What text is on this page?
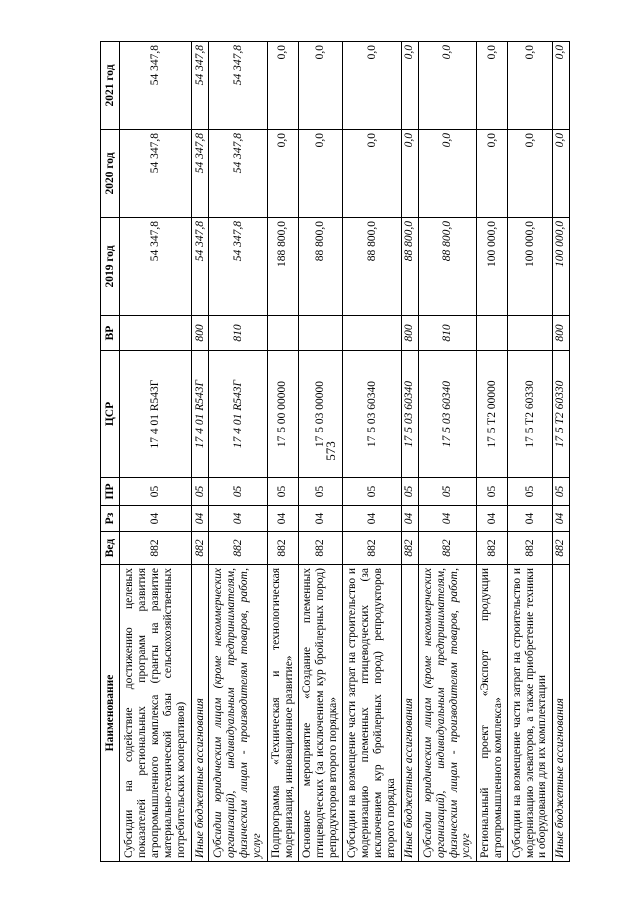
573
Наименование	Вед	Рз	ПР	ЦСР	ВР	2019 год	2020 год	2021 год
Субсидии на содействие достижению целевых показателей региональных программ развития агропромышленного комплекса (гранты на развитие материально-технической базы сельскохозяйственных потребительских кооперативов)	882	04	05	17 4 01 R543Г		54 347,8	54 347,8	54 347,8
Иные бюджетные ассигнования	882	04	05	17 4 01 R543Г	800	54 347,8	54 347,8	54 347,8
Субсидии юридическим лицам (кроме некоммерческих организаций), индивидуальным предпринимателям, физическим лицам - производителям товаров, работ, услуг	882	04	05	17 4 01 R543Г	810	54 347,8	54 347,8	54 347,8
Подпрограмма «Техническая и технологическая модернизация, инновационное развитие»	882	04	05	17 5 00 00000		188 800,0	0,0	0,0
Основное мероприятие «Создание племенных птицеводческих (за исключением кур бройлерных пород) репродукторов второго порядка»	882	04	05	17 5 03 00000		88 800,0	0,0	0,0
Субсидии на возмещение части затрат на строительство и модернизацию племенных птицеводческих (за исключением кур бройлерных пород) репродукторов второго порядка	882	04	05	17 5 03 60340		88 800,0	0,0	0,0
Иные бюджетные ассигнования	882	04	05	17 5 03 60340	800	88 800,0	0,0	0,0
Субсидии юридическим лицам (кроме некоммерческих организаций), индивидуальным предпринимателям, физическим лицам - производителям товаров, работ, услуг	882	04	05	17 5 03 60340	810	88 800,0	0,0	0,0
Региональный проект «Экспорт продукции агропромышленного комплекса»	882	04	05	17 5 T2 00000		100 000,0	0,0	0,0
Субсидии на возмещение части затрат на строительство и модернизацию элеваторов, а также приобретение техники и оборудования для их комплектации	882	04	05	17 5 T2 60330		100 000,0	0,0	0,0
Иные бюджетные ассигнования	882	04	05	17 5 T2 60330	800	100 000,0	0,0	0,0
